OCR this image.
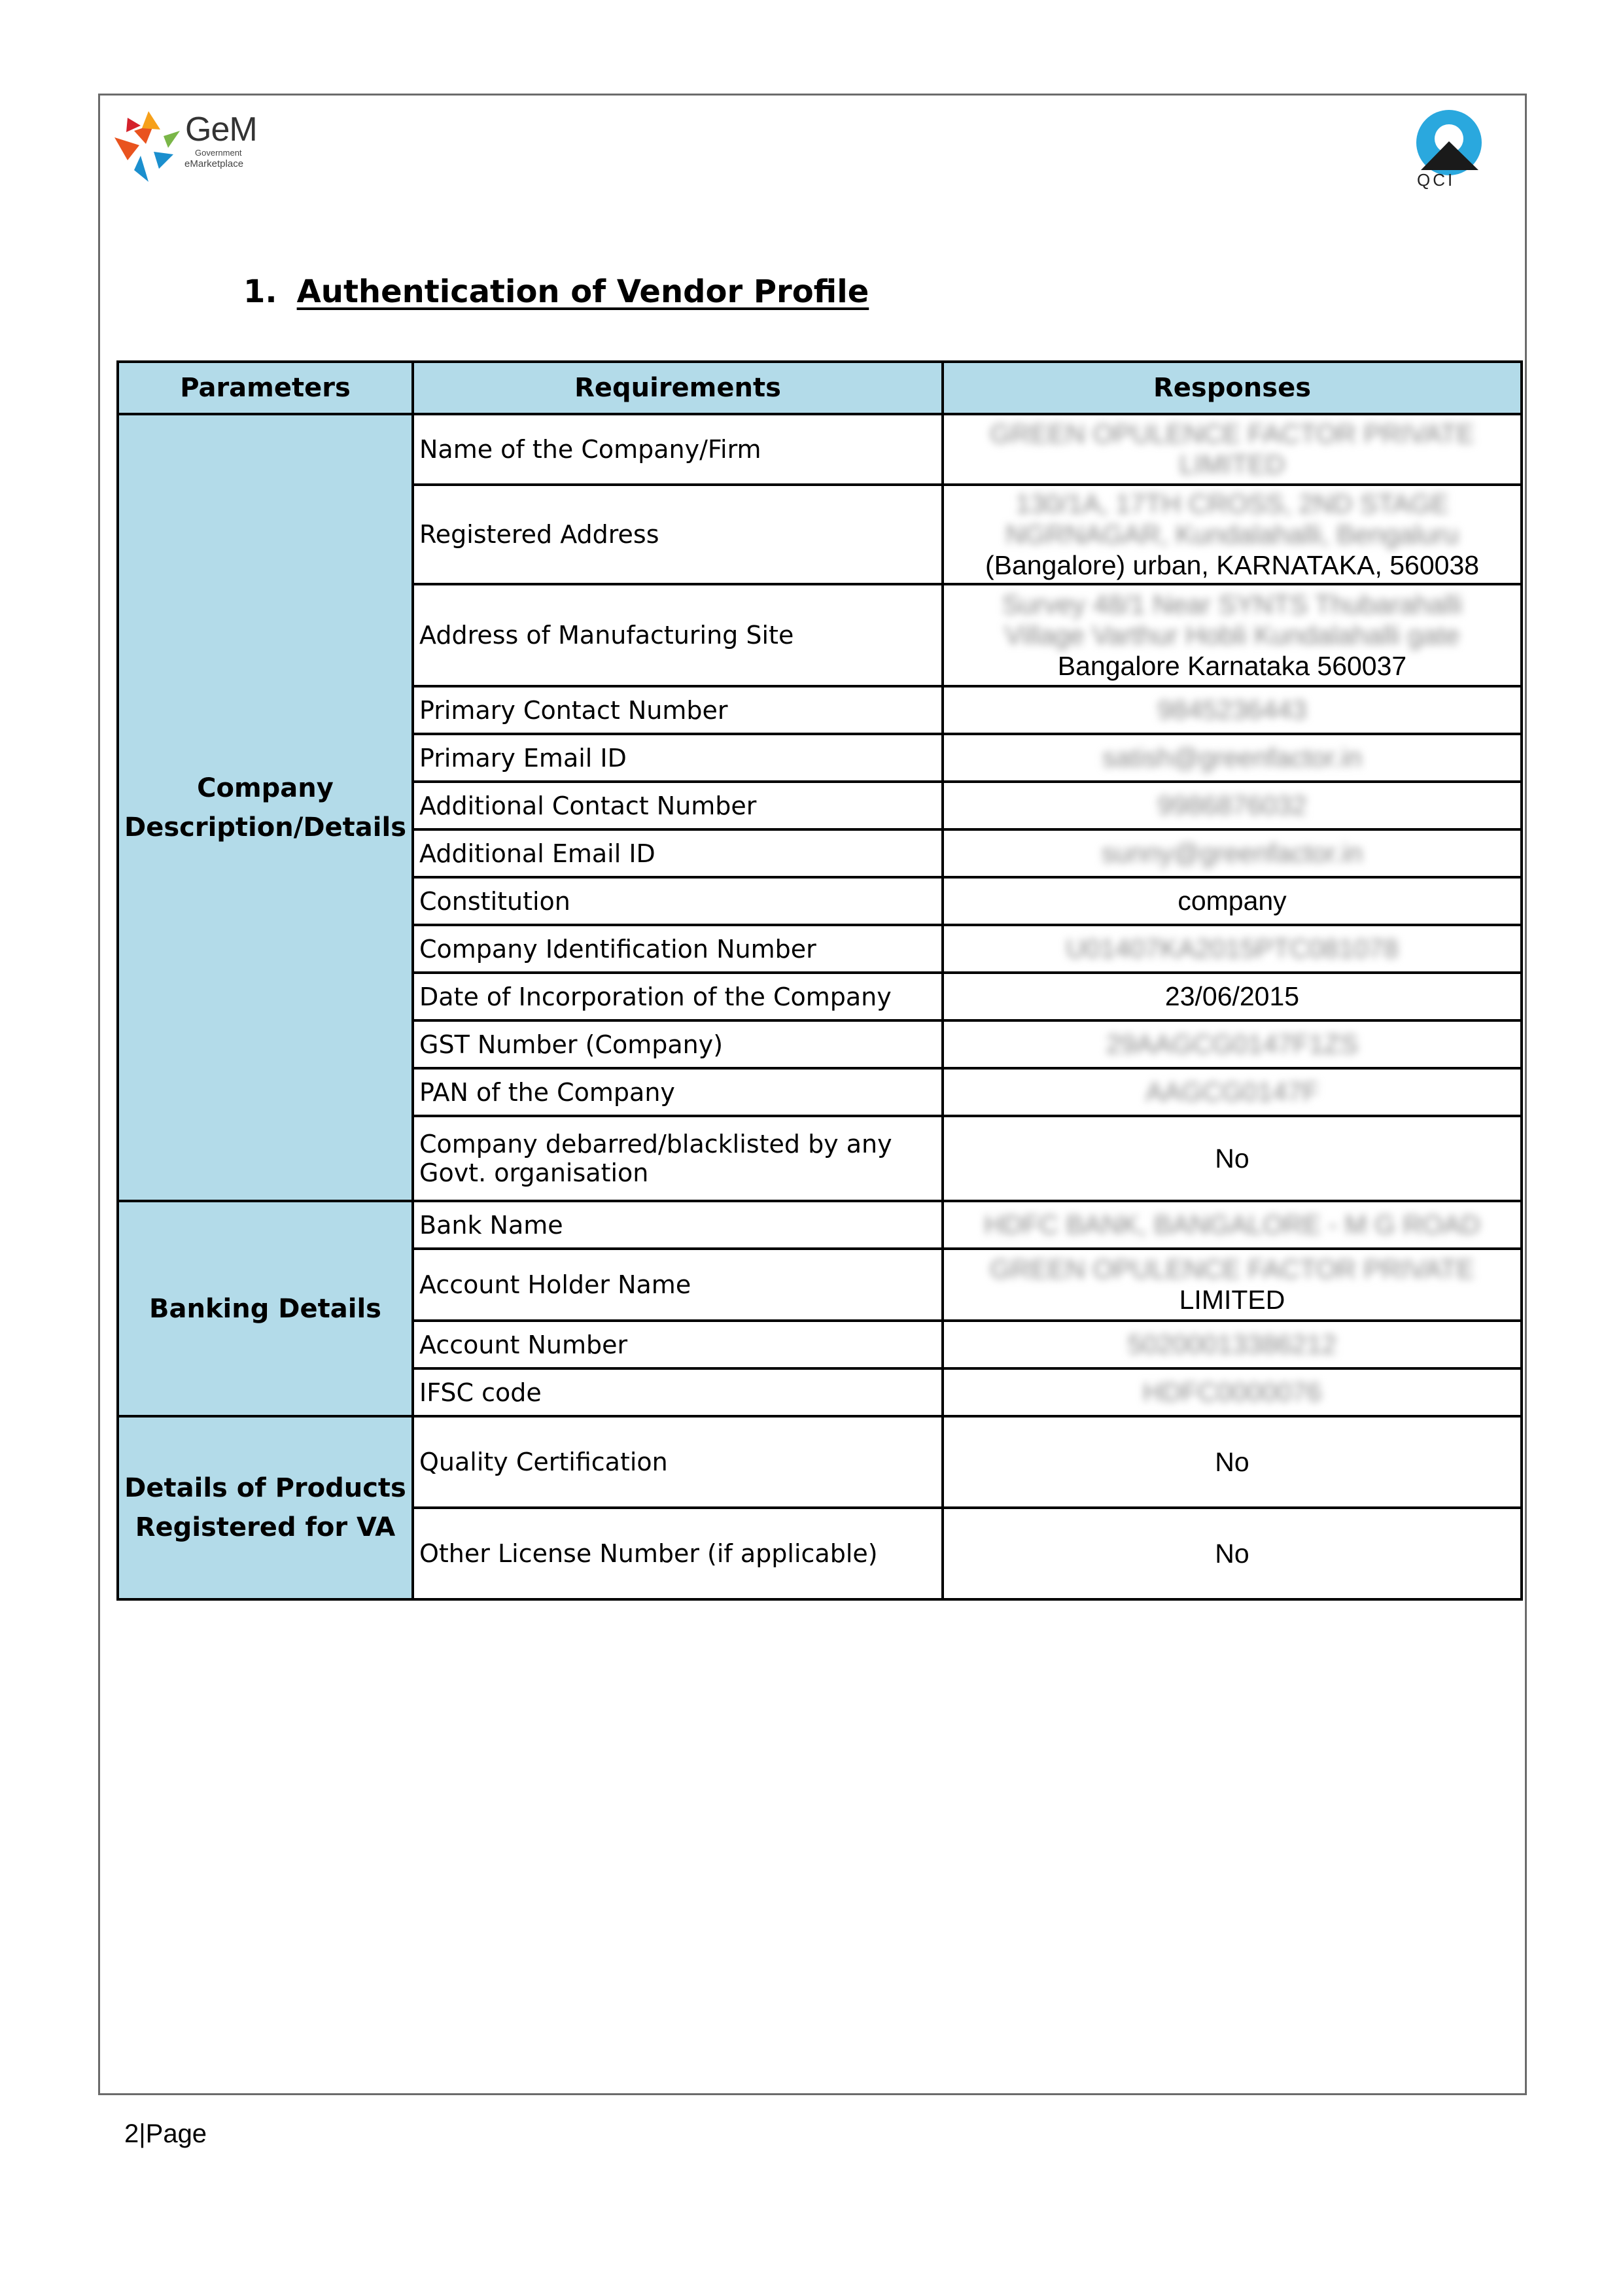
GeM
Government
eMarketplace
QCI
1. Authentication of Vendor Profile
Parameters	Requirements	Responses
Company Description/Details	Name of the Company/Firm	GREEN OPULENCE FACTOR PRIVATE
LIMITED

	Registered Address	130/1A, 17TH CROSS, 2ND STAGE
NGRNAGAR, Kundalahalli, Bengaluru
(Bangalore) urban, KARNATAKA, 560038
	Address of Manufacturing Site	Survey 48/1 Near SYNTS Thubarahalli
Village Varthur Hobli Kundalahalli gate
Bangalore Karnataka 560037
	Primary Contact Number	9845236443

	Primary Email ID	satish@greenfactor.in

	Additional Contact Number	9986876032

	Additional Email ID	sunny@greenfactor.in

	Constitution	company
	Company Identification Number	U01407KA2015PTC081078

	Date of Incorporation of the Company	23/06/2015
	GST Number (Company)	29AAGCG0147F1ZS

	PAN of the Company	AAGCG0147F

	Company debarred/blacklisted by any Govt. organisation	No
Banking Details	Bank Name	HDFC BANK, BANGALORE - M G ROAD

	Account Holder Name	GREEN OPULENCE FACTOR PRIVATE
LIMITED
	Account Number	50200013386212

	IFSC code	HDFC0000076

Details of Products Registered for VA	Quality Certification	No
	Other License Number (if applicable)	No
2|Page
